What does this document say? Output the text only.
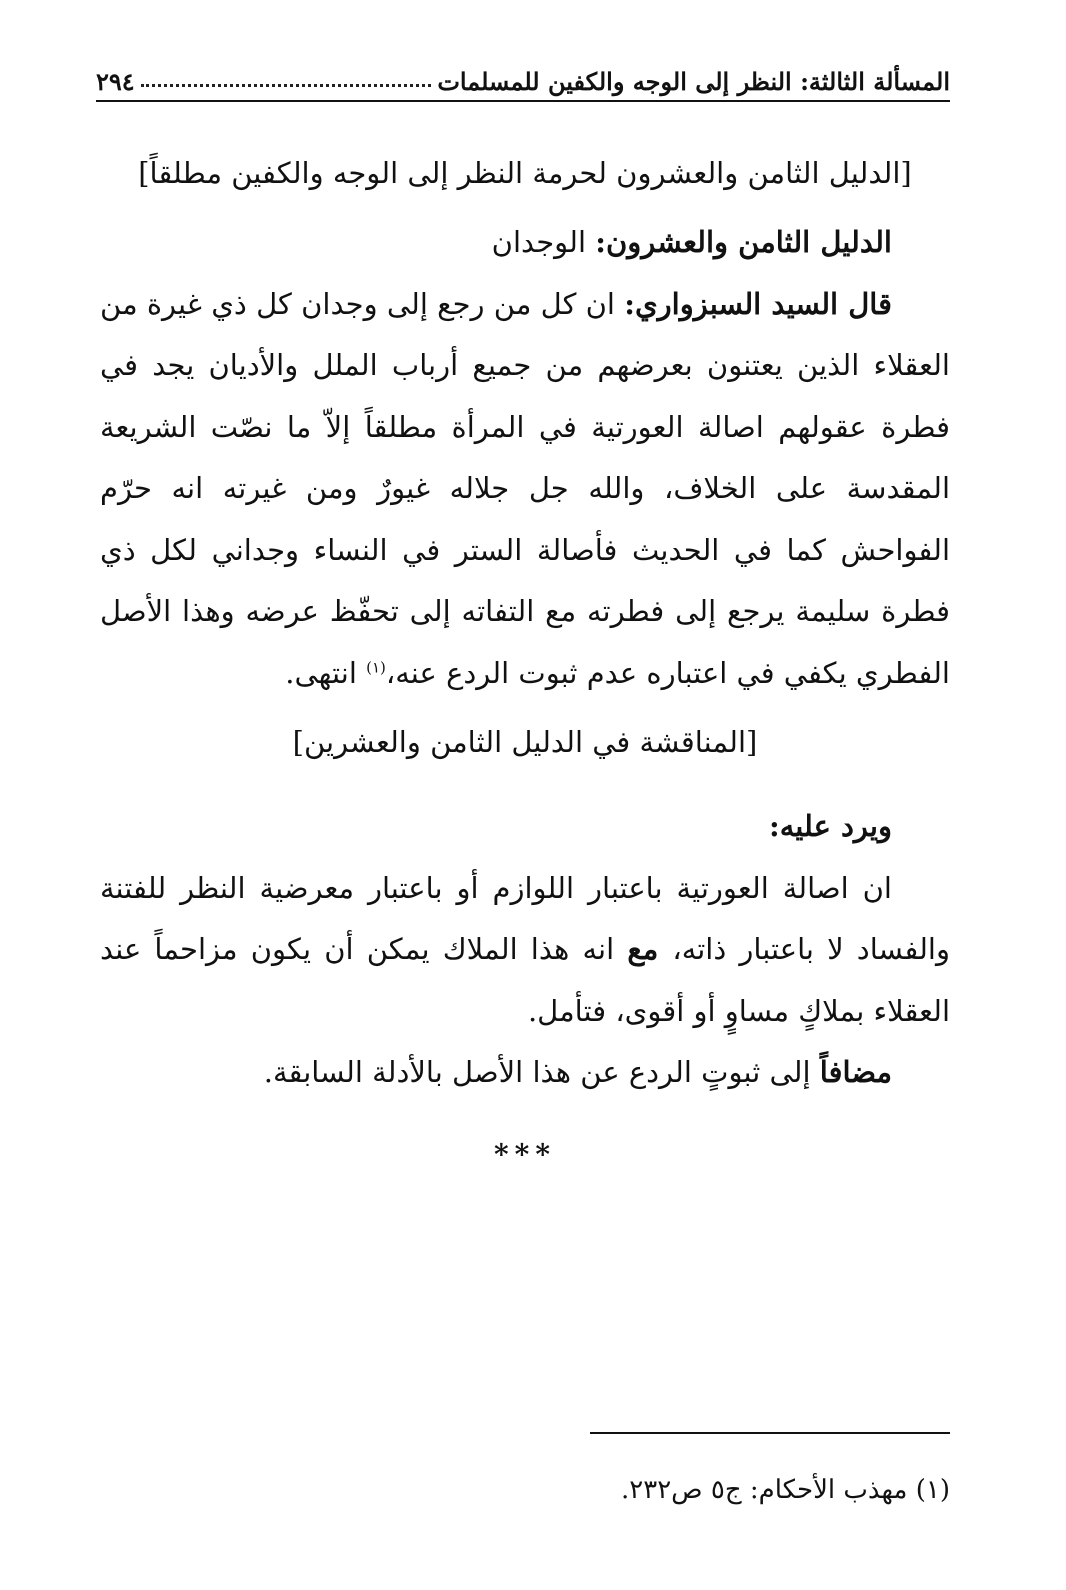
المسألة الثالثة: النظر إلى الوجه والكفين للمسلمات
٢٩٤

[الدليل الثامن والعشرون لحرمة النظر إلى الوجه والكفين مطلقاً]

الدليل الثامن والعشرون: الوجدان

قال السيد السبزواري: ان كل من رجع إلى وجدان كل ذي غيرة من العقلاء الذين يعتنون بعرضهم من جميع أرباب الملل والأديان يجد في فطرة عقولهم اصالة العورتية في المرأة مطلقاً إلاّ ما نصّت الشريعة المقدسة على الخلاف، والله جل جلاله غيورٌ ومن غيرته انه حرّم الفواحش كما في الحديث فأصالة الستر في النساء وجداني لكل ذي فطرة سليمة يرجع إلى فطرته مع التفاته إلى تحفّظ عرضه وهذا الأصل الفطري يكفي في اعتباره عدم ثبوت الردع عنه،$^{(١)}$ انتهى.

[المناقشة في الدليل الثامن والعشرين]

ويرد عليه:

ان اصالة العورتية باعتبار اللوازم أو باعتبار معرضية النظر للفتنة والفساد لا باعتبار ذاته، مع انه هذا الملاك يمكن أن يكون مزاحماً عند العقلاء بملاكٍ مساوٍ أو أقوى، فتأمل.

مضافاً إلى ثبوتٍ الردع عن هذا الأصل بالأدلة السابقة.

***
(١) مهذب الأحكام: ج٥ ص٢٣٢.
